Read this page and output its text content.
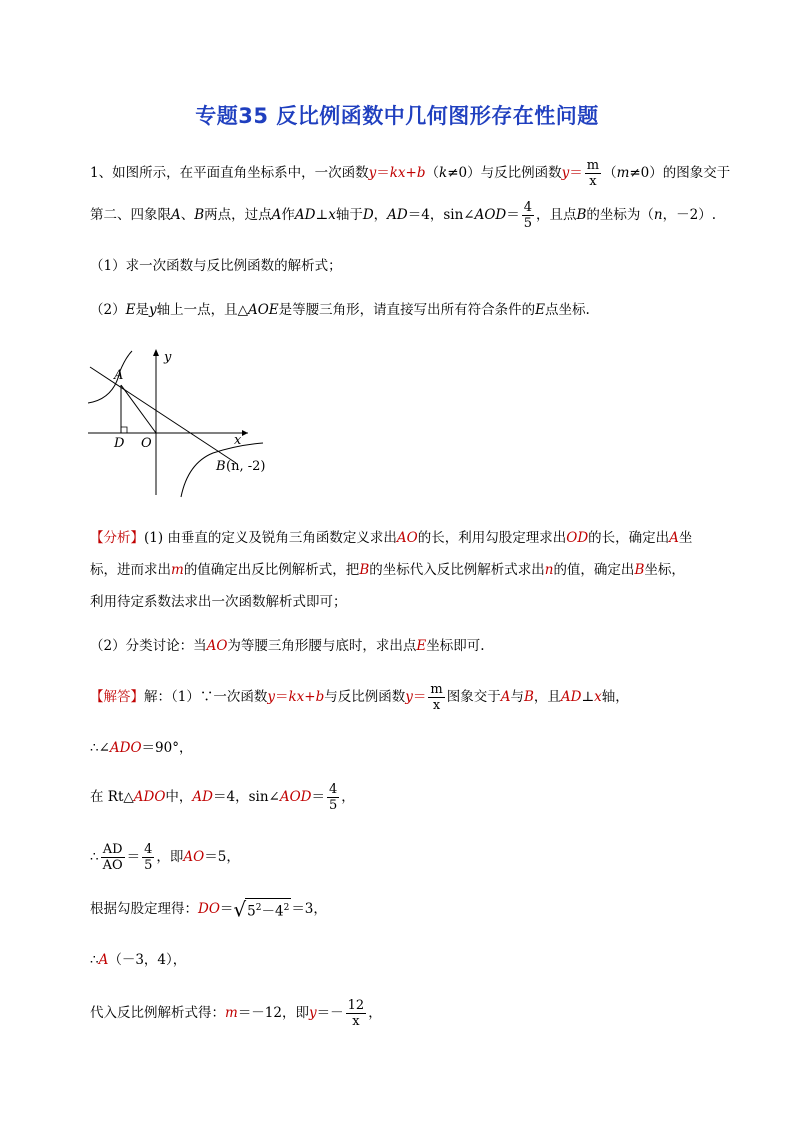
专题35 反比例函数中几何图形存在性问题
1、如图所示，在平面直角坐标系中，一次函数y＝kx+b（k≠0）与反比例函数$y= \frac{m}{x} (m\ne 0)$的图象交于
第二、四象限A、B两点，过点A作AD⊥x轴于D，AD＝4，sin∠AOD＝ $\frac{4}{5}$ ，且点B的坐标为（n，－2）.
（1）求一次函数与反比例函数的解析式；
（2）E是y轴上一点，且△AOE是等腰三角形，请直接写出所有符合条件的E点坐标.
y
x
A
D O
B (n, -2)
【分析】(1) 由垂直的定义及锐角三角函数定义求出AO的长，利用勾股定理求出OD的长，确定出A坐
标，进而求出m的值确定出反比例解析式，把B的坐标代入反比例解析式求出n的值，确定出B坐标，
利用待定系数法求出一次函数解析式即可；
（2）分类讨论：当AO为等腰三角形腰与底时，求出点E坐标即可.
【解答】解：（1）∵一次函数y＝kx+b与反比例函数$y= \frac{m}{x}$ 图象交于A与B，且AD⊥x轴，
∴∠ADO＝90°，
在 Rt△ADO中，AD＝4，sin∠AOD＝ $\frac{4}{5}$ ，
∴ $\frac{AD}{AO} = \frac{4}{5}$ ，即AO＝5，
根据勾股定理得：$DO=√5^2-4^2 =3$，
∴A（－3，4），
代入反比例解析式得：m＝－12，即$y=- \frac{12}{x}$ ，
